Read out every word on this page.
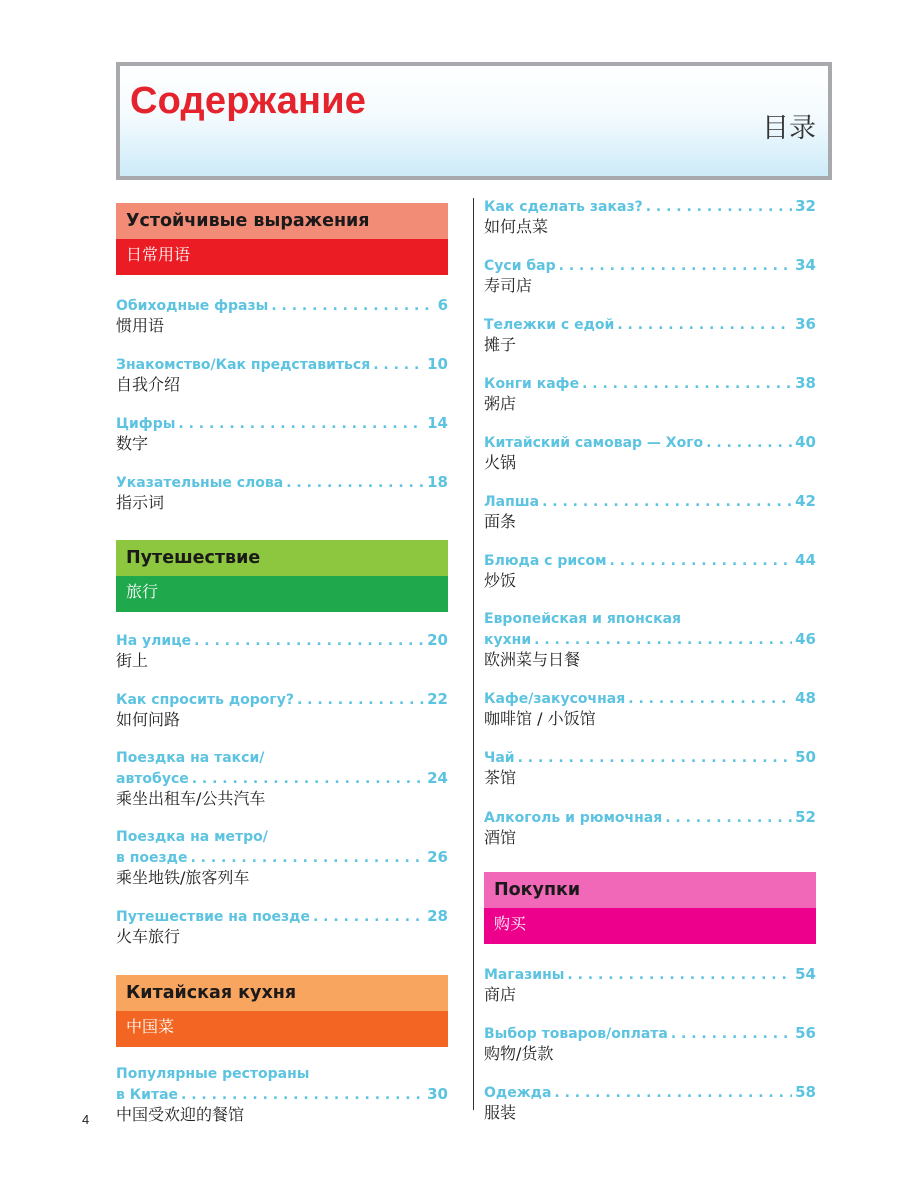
Содержание
目录
Устойчивые выражения
日常用语
Обиходные фразы . . .	6
惯用语
Знакомство/Как представиться . . .	10
自我介绍
Цифры . . .	14
数字
Указательные слова . . .	18
指示词
Путешествие
旅行
На улице . . .	20
街上
Как спросить дорогу? . . .	22
如何问路
Поездка на такси/
автобусе . . .	24
乘坐出租车/公共汽车
Поездка на метро/
в поезде . . .	26
乘坐地铁/旅客列车
Путешествие на поезде . . .	28
火车旅行
Китайская кухня
中国菜
Популярные рестораны
в Китае . . .	30
中国受欢迎的餐馆
Как сделать заказ? . . .	32
如何点菜
Суси бар . . .	34
寿司店
Тележки с едой . . .	36
摊子
Конги кафе . . .	38
粥店
Китайский самовар — Хого . . .	40
火锅
Лапша . . .	42
面条
Блюда с рисом . . .	44
炒饭
Европейская и японская
кухни . . .	46
欧洲菜与日餐
Кафе/закусочная . . .	48
咖啡馆 / 小饭馆
Чай . . .	50
茶馆
Алкоголь и рюмочная . . .	52
酒馆
Покупки
购买
Магазины . . .	54
商店
Выбор товаров/оплата . . .	56
购物/货款
Одежда . . .	58
服装
4
